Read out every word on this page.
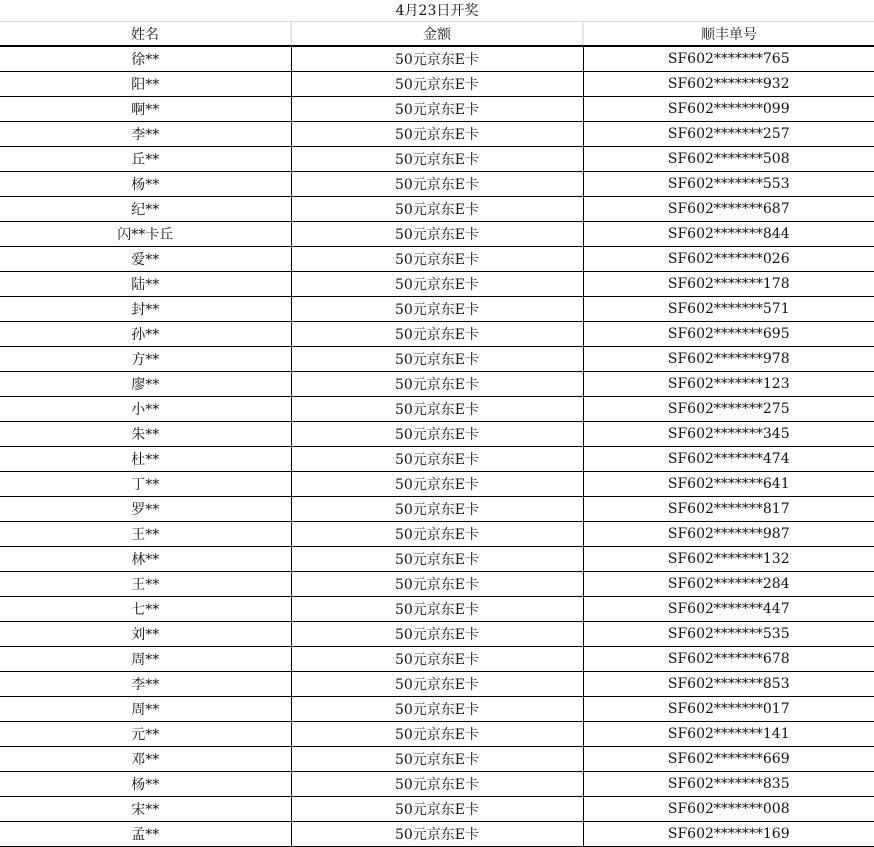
4月23日开奖
姓名	金额	顺丰单号
徐**	50元京东E卡	SF602*******765
阳**	50元京东E卡	SF602*******932
啊**	50元京东E卡	SF602*******099
李**	50元京东E卡	SF602*******257
丘**	50元京东E卡	SF602*******508
杨**	50元京东E卡	SF602*******553
纪**	50元京东E卡	SF602*******687
闪**卡丘	50元京东E卡	SF602*******844
爱**	50元京东E卡	SF602*******026
陆**	50元京东E卡	SF602*******178
封**	50元京东E卡	SF602*******571
孙**	50元京东E卡	SF602*******695
方**	50元京东E卡	SF602*******978
廖**	50元京东E卡	SF602*******123
小**	50元京东E卡	SF602*******275
朱**	50元京东E卡	SF602*******345
杜**	50元京东E卡	SF602*******474
丁**	50元京东E卡	SF602*******641
罗**	50元京东E卡	SF602*******817
王**	50元京东E卡	SF602*******987
林**	50元京东E卡	SF602*******132
王**	50元京东E卡	SF602*******284
七**	50元京东E卡	SF602*******447
刘**	50元京东E卡	SF602*******535
周**	50元京东E卡	SF602*******678
李**	50元京东E卡	SF602*******853
周**	50元京东E卡	SF602*******017
元**	50元京东E卡	SF602*******141
邓**	50元京东E卡	SF602*******669
杨**	50元京东E卡	SF602*******835
宋**	50元京东E卡	SF602*******008
孟**	50元京东E卡	SF602*******169
